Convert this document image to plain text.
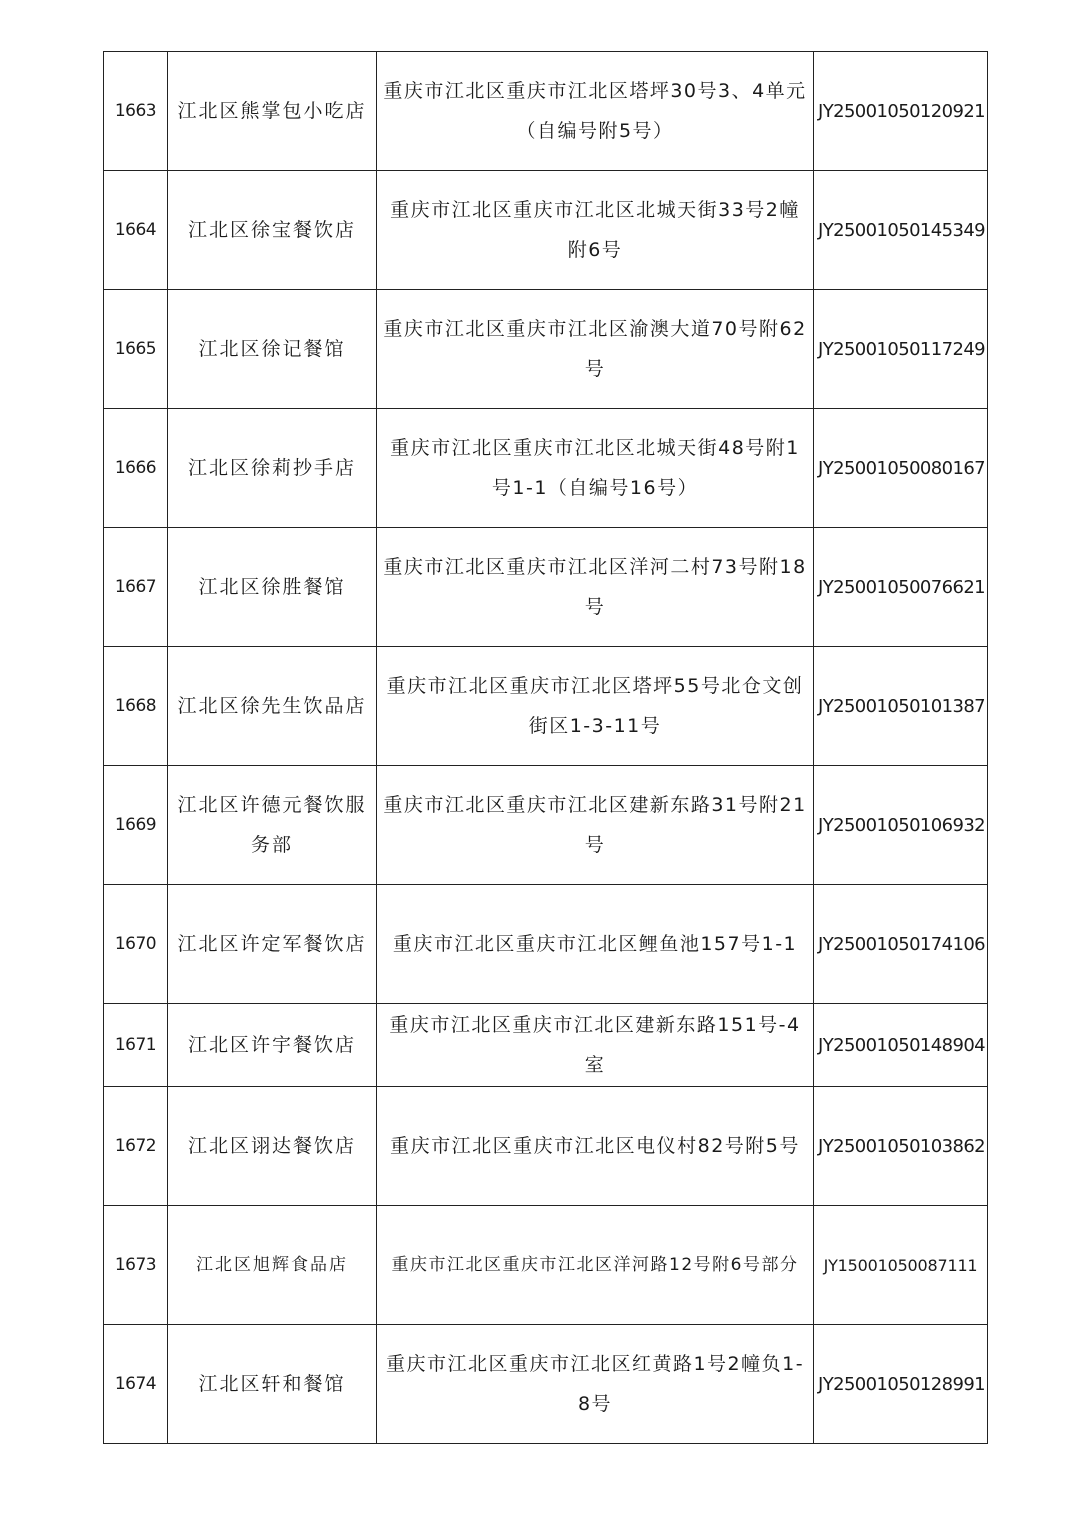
1663	江北区熊掌包小吃店	重庆市江北区重庆市江北区塔坪30号3、4单元（自编号附5号）	JY25001050120921
1664	江北区徐宝餐饮店	重庆市江北区重庆市江北区北城天街33号2幢附6号	JY25001050145349
1665	江北区徐记餐馆	重庆市江北区重庆市江北区渝澳大道70号附62号	JY25001050117249
1666	江北区徐莉抄手店	重庆市江北区重庆市江北区北城天街48号附1号1-1（自编号16号）	JY25001050080167
1667	江北区徐胜餐馆	重庆市江北区重庆市江北区洋河二村73号附18号	JY25001050076621
1668	江北区徐先生饮品店	重庆市江北区重庆市江北区塔坪55号北仓文创街区1-3-11号	JY25001050101387
1669	江北区许德元餐饮服务部	重庆市江北区重庆市江北区建新东路31号附21号	JY25001050106932
1670	江北区许定军餐饮店	重庆市江北区重庆市江北区鲤鱼池157号1-1	JY25001050174106
1671	江北区许宇餐饮店	重庆市江北区重庆市江北区建新东路151号-4室	JY25001050148904
1672	江北区诩达餐饮店	重庆市江北区重庆市江北区电仪村82号附5号	JY25001050103862
1673	江北区旭辉食品店	重庆市江北区重庆市江北区洋河路12号附6号部分	JY15001050087111
1674	江北区轩和餐馆	重庆市江北区重庆市江北区红黄路1号2幢负1-8号	JY25001050128991
